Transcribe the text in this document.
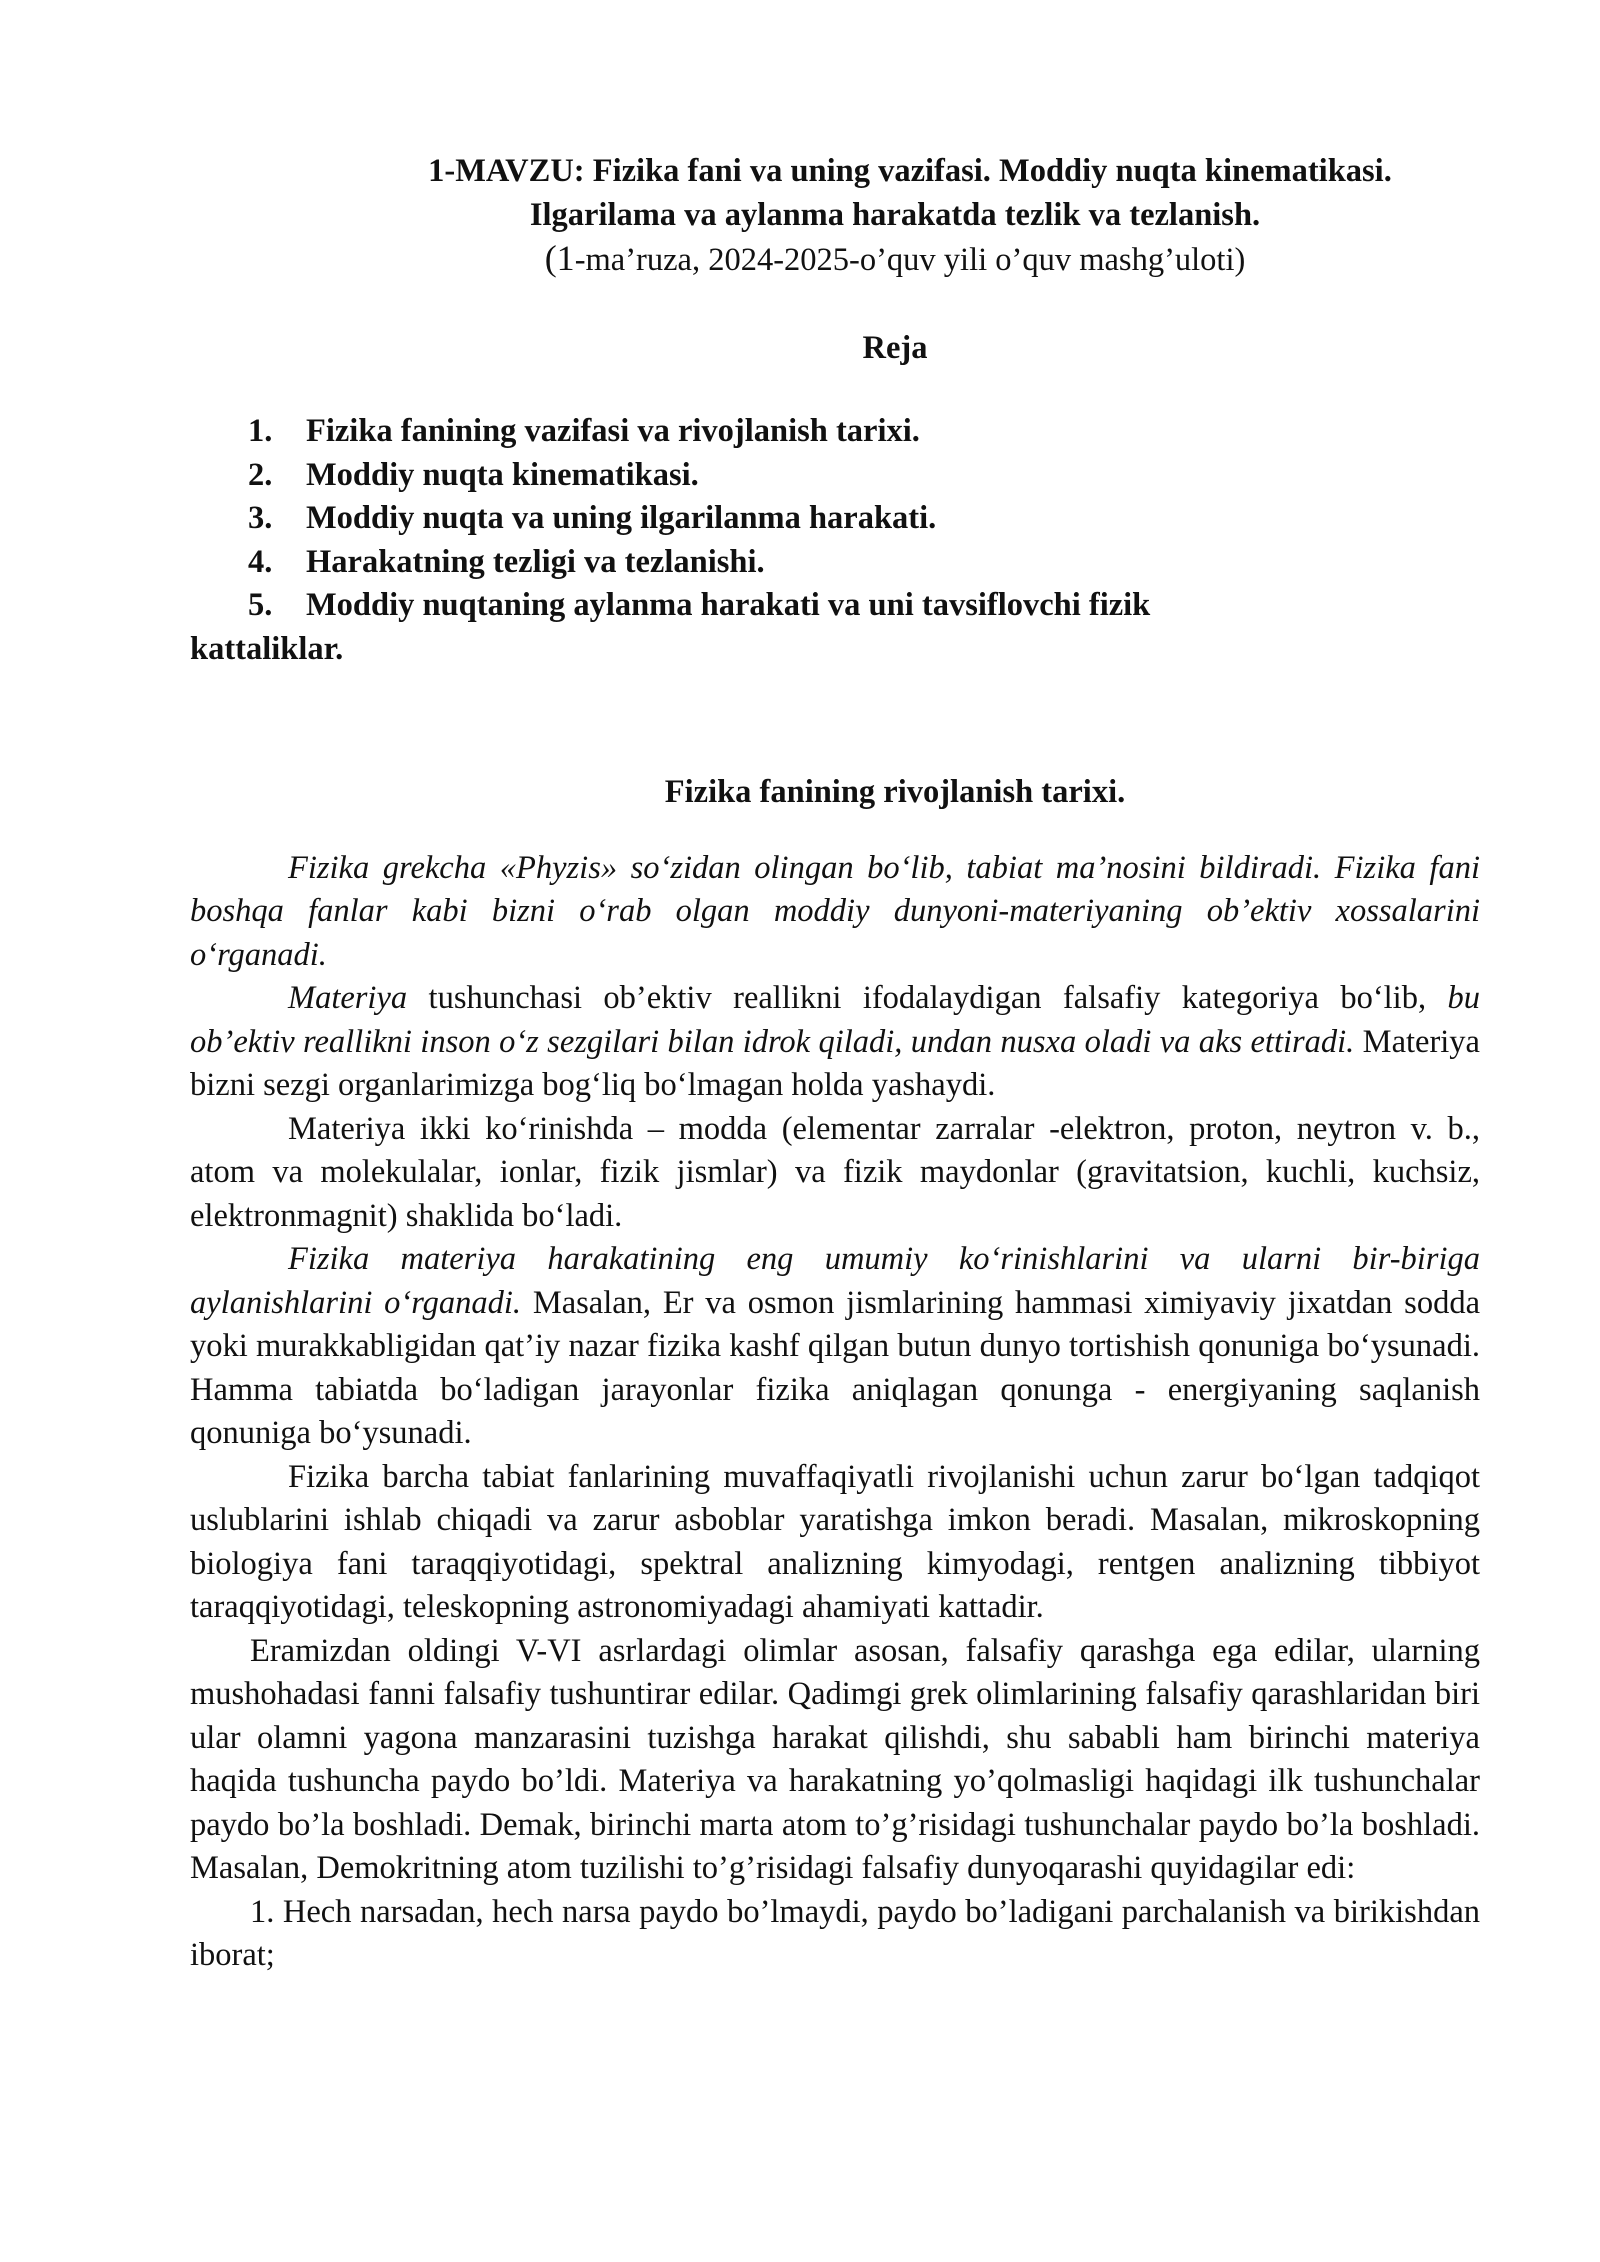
1-MAVZU: Fizika fani va uning vazifasi. Moddiy nuqta kinematikasi.
Ilgarilama va aylanma harakatda tezlik va tezlanish.
(1-ma’ruza, 2024-2025-o’quv yili o’quv mashg’uloti)
Reja
1. Fizika fanining vazifasi va rivojlanish tarixi.
2. Moddiy nuqta kinematikasi.
3. Moddiy nuqta va uning ilgarilanma harakati.
4. Harakatning tezligi va tezlanishi.
5. Moddiy nuqtaning aylanma harakati va uni tavsiflovchi fizik
kattaliklar.
Fizika fanining rivojlanish tarixi.

Fizika grekcha «Phyzis» so‘zidan olingan bo‘lib, tabiat ma’nosini bildiradi. Fizika fani boshqa fanlar kabi bizni o‘rab olgan moddiy dunyoni-materiyaning ob’ektiv xossalarini o‘rganadi.

Materiya tushunchasi ob’ektiv reallikni ifodalaydigan falsafiy kategoriya bo‘lib, bu ob’ektiv reallikni inson o‘z sezgilari bilan idrok qiladi, undan nusxa oladi va aks ettiradi. Materiya bizni sezgi organlarimizga bog‘liq bo‘lmagan holda yashaydi.

Materiya ikki ko‘rinishda – modda (elementar zarralar -elektron, proton, neytron v. b., atom va molekulalar, ionlar, fizik jismlar) va fizik maydonlar (gravitatsion, kuchli, kuchsiz, elektronmagnit) shaklida bo‘ladi.

Fizika materiya harakatining eng umumiy ko‘rinishlarini va ularni bir-biriga aylanishlarini o‘rganadi. Masalan, Er va osmon jismlarining hammasi ximiyaviy jixatdan sodda yoki murakkabligidan qat’iy nazar fizika kashf qilgan butun dunyo tortishish qonuniga bo‘ysunadi. Hamma tabiatda bo‘ladigan jarayonlar fizika aniqlagan qonunga - energiyaning saqlanish qonuniga bo‘ysunadi.

Fizika barcha tabiat fanlarining muvaffaqiyatli rivojlanishi uchun zarur bo‘lgan tadqiqot uslublarini ishlab chiqadi va zarur asboblar yaratishga imkon beradi. Masalan, mikroskopning biologiya fani taraqqiyotidagi, spektral analizning kimyodagi, rentgen analizning tibbiyot taraqqiyotidagi, teleskopning astronomiyadagi ahamiyati kattadir.

Eramizdan oldingi V-VI asrlardagi olimlar asosan, falsafiy qarashga ega edilar, ularning mushohadasi fanni falsafiy tushuntirar edilar. Qadimgi grek olimlarining falsafiy qarashlaridan biri ular olamni yagona manzarasini tuzishga harakat qilishdi, shu sababli ham birinchi materiya haqida tushuncha paydo bo’ldi. Materiya va harakatning yo’qolmasligi haqidagi ilk tushunchalar paydo bo’la boshladi. Demak, birinchi marta atom to’g’risidagi tushunchalar paydo bo’la boshladi. Masalan, Demokritning atom tuzilishi to’g’risidagi falsafiy dunyoqarashi quyidagilar edi:

1. Hech narsadan, hech narsa paydo bo’lmaydi, paydo bo’ladigani parchalanish va birikishdan iborat;
